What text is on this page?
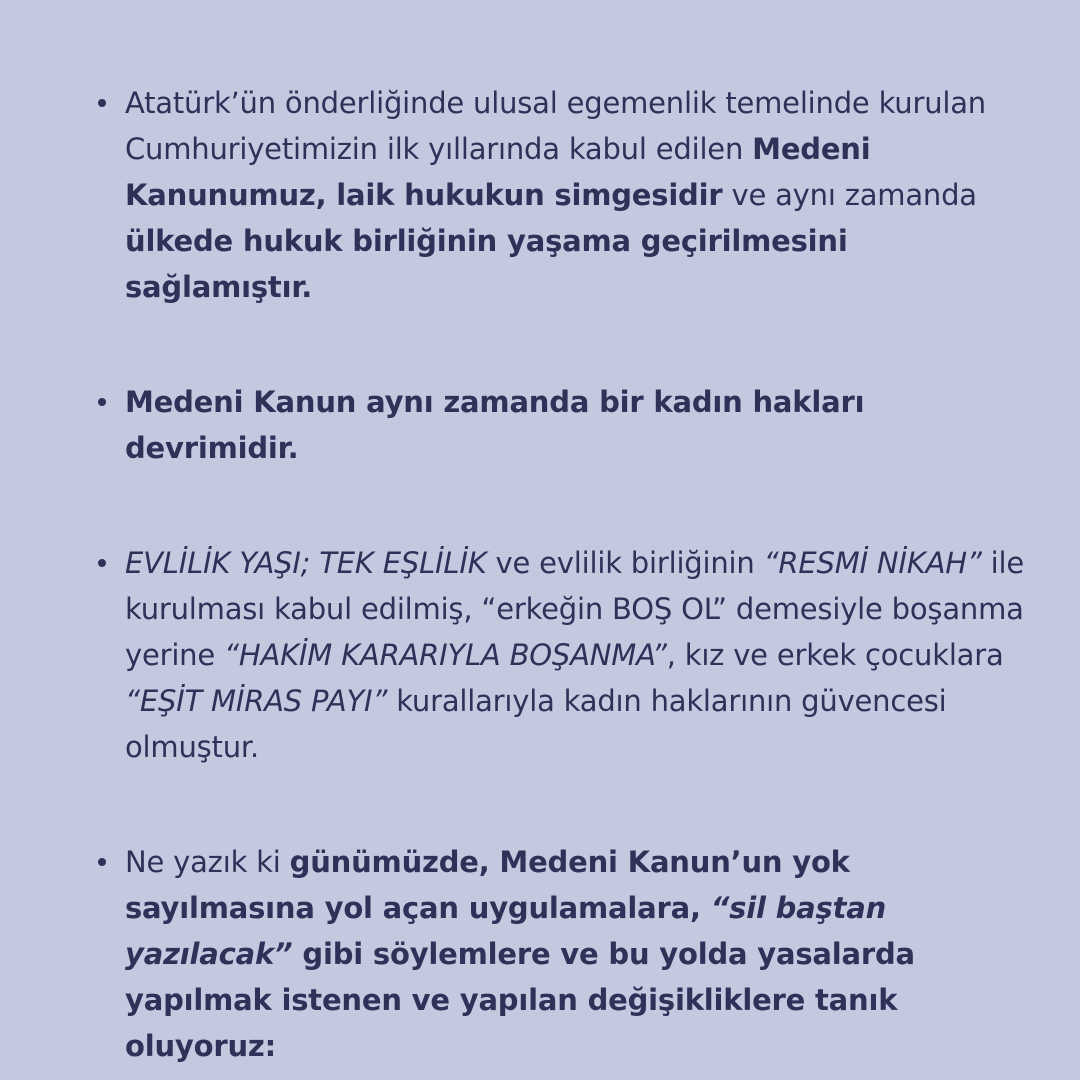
Atatürk’ün önderliğinde ulusal egemenlik temelinde kurulan Cumhuriyetimizin ilk yıllarında kabul edilen Medeni Kanunumuz, laik hukukun simgesidir ve aynı zamanda ülkede hukuk birliğinin yaşama geçirilmesini sağlamıştır.
Medeni Kanun aynı zamanda bir kadın hakları devrimidir.
EVLİLİK YAŞI; TEK EŞLİLİK ve evlilik birliğinin “RESMİ NİKAH” ile kurulması kabul edilmiş, “erkeğin BOŞ OL” demesiyle boşanma yerine “HAKİM KARARIYLA BOŞANMA”, kız ve erkek çocuklara “EŞİT MİRAS PAYI” kurallarıyla kadın haklarının güvencesi olmuştur.
Ne yazık ki günümüzde, Medeni Kanun’un yok sayılmasına yol açan uygulamalara, “sil baştan yazılacak” gibi söylemlere ve bu yolda yasalarda yapılmak istenen ve yapılan değişikliklere tanık oluyoruz:
